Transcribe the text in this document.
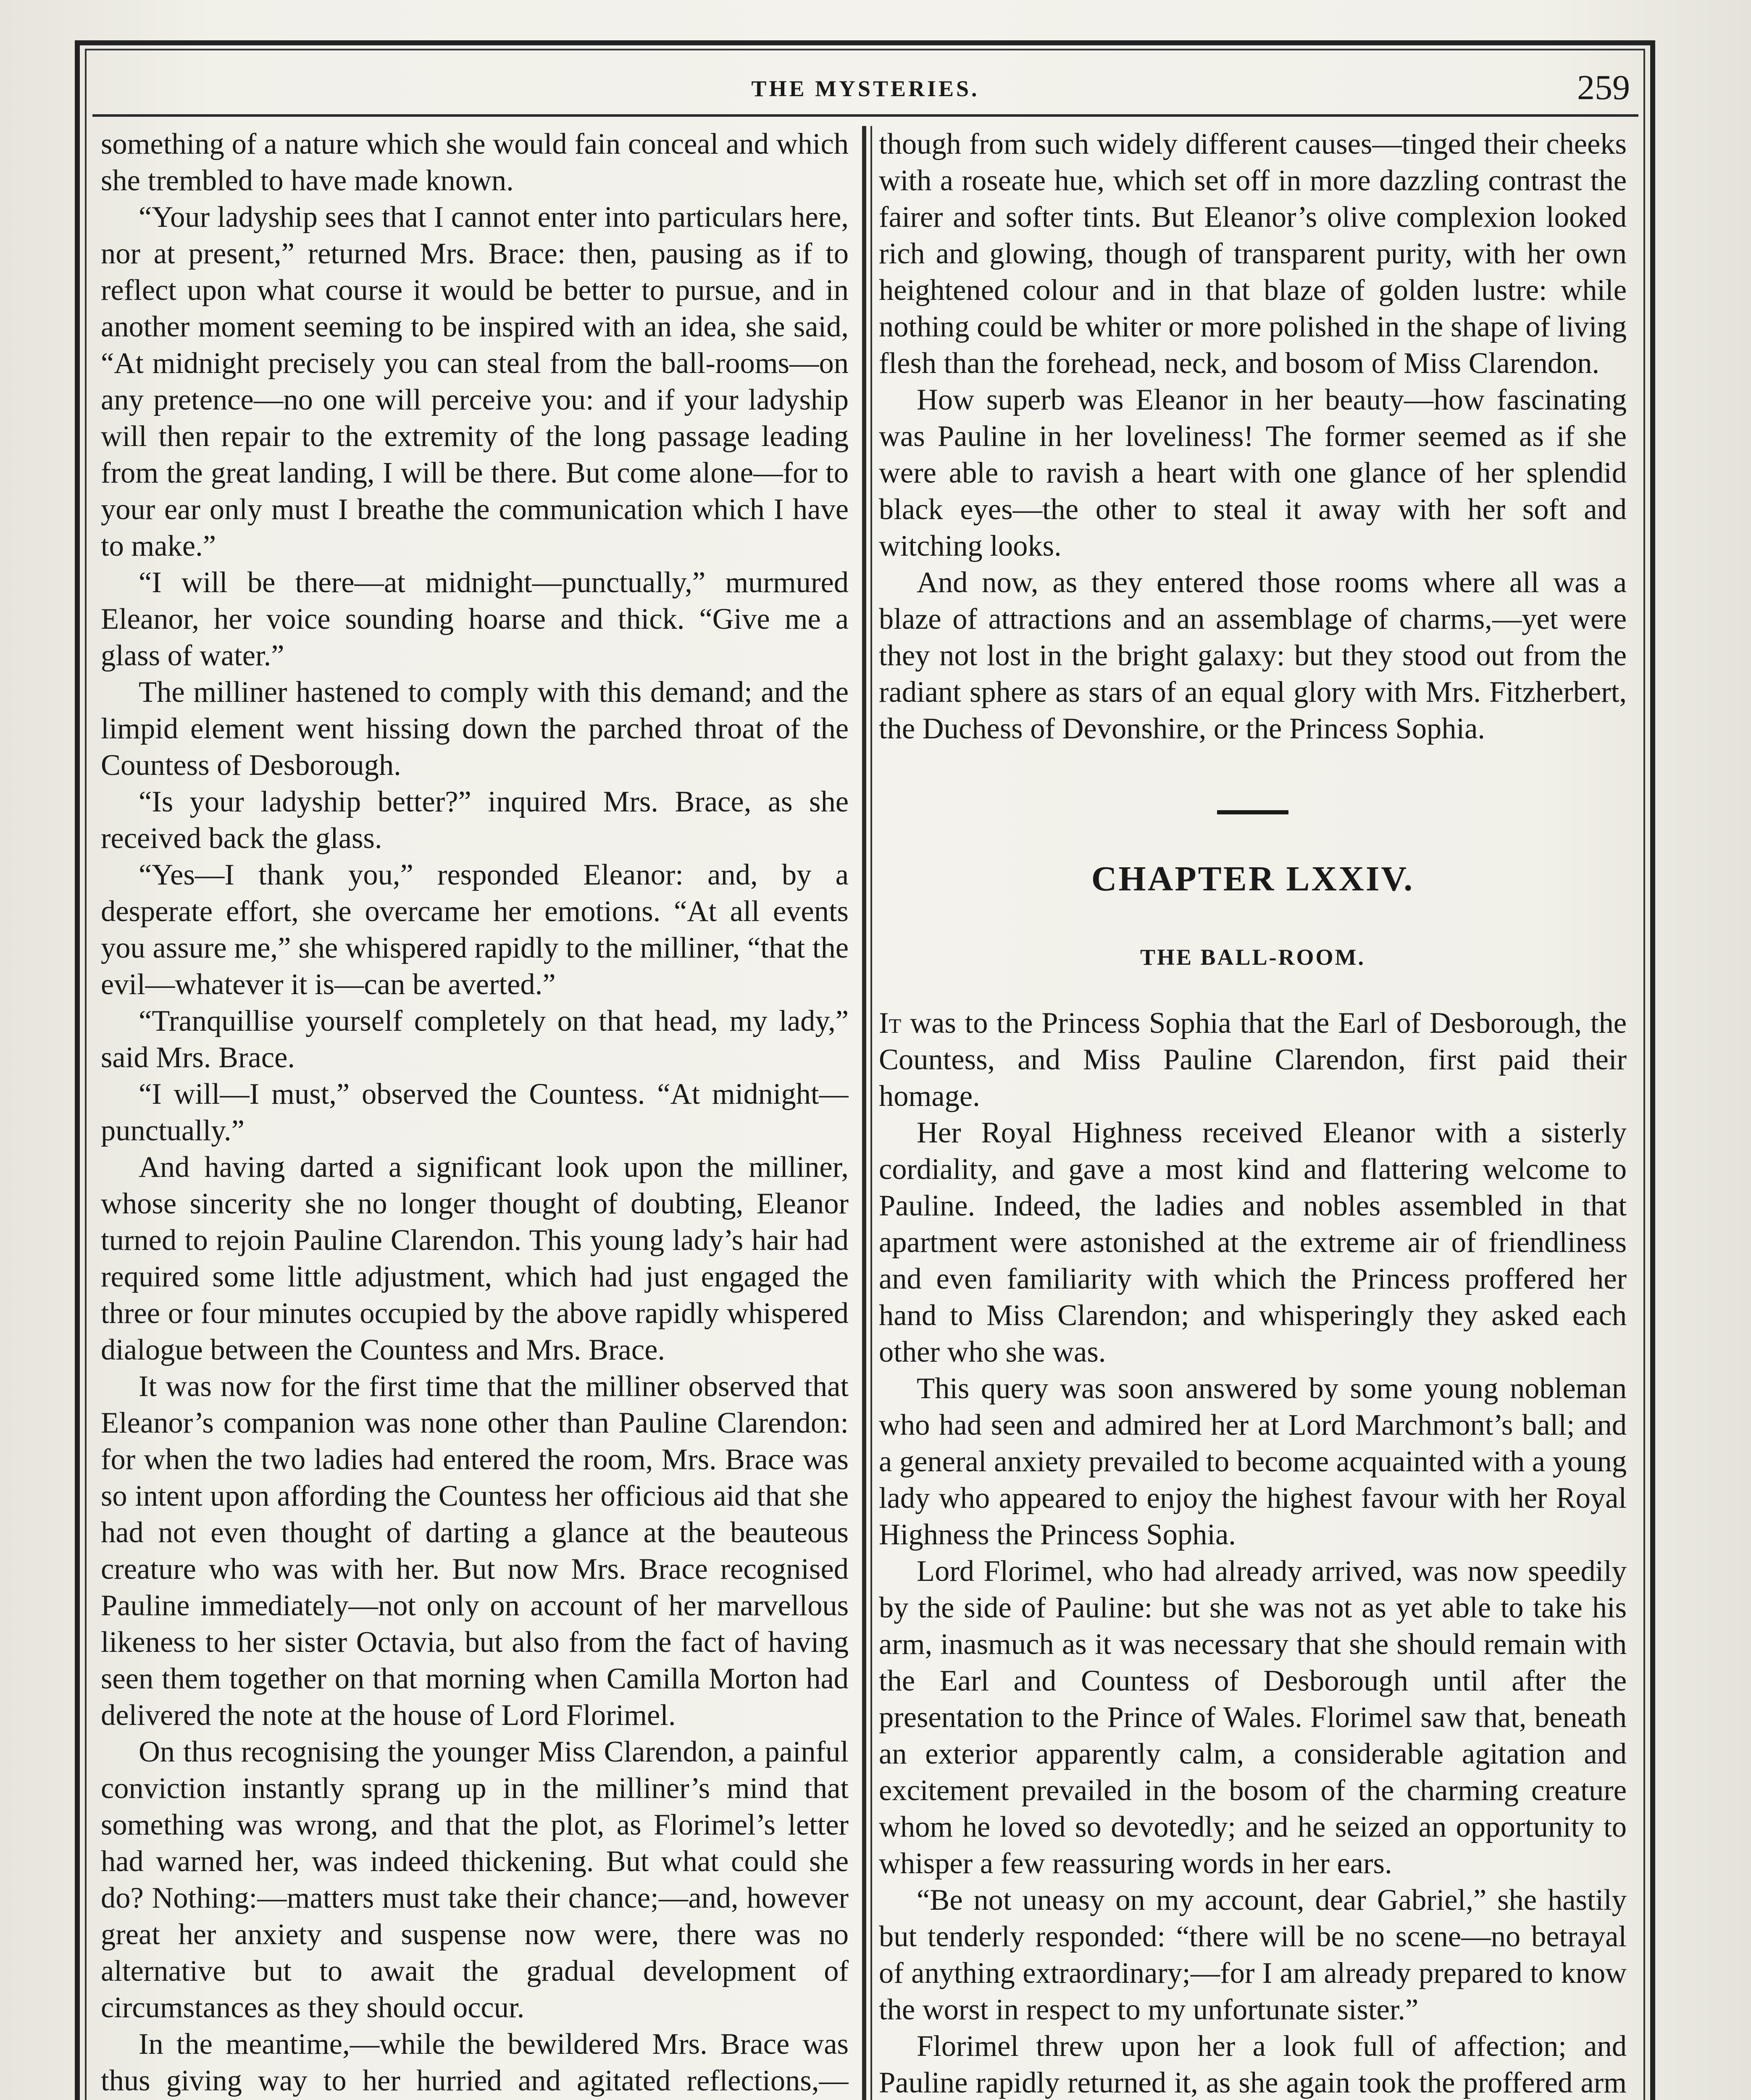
THE MYSTERIES.	259

something of a nature which she would fain conceal and which she trembled to have made known.

“Your ladyship sees that I cannot enter into particulars here, nor at present,” returned Mrs. Brace: then, pausing as if to reflect upon what course it would be better to pursue, and in another moment seeming to be inspired with an idea, she said, “At midnight precisely you can steal from the ball-rooms—on any pretence—no one will perceive you: and if your ladyship will then repair to the extremity of the long passage leading from the great landing, I will be there. But come alone—for to your ear only must I breathe the communication which I have to make.”

“I will be there—at midnight—punctually,” murmured Eleanor, her voice sounding hoarse and thick. “Give me a glass of water.”

The milliner hastened to comply with this demand; and the limpid element went hissing down the parched throat of the Countess of Desborough.

“Is your ladyship better?” inquired Mrs. Brace, as she received back the glass.

“Yes—I thank you,” responded Eleanor: and, by a desperate effort, she overcame her emotions. “At all events you assure me,” she whispered rapidly to the milliner, “that the evil—whatever it is—can be averted.”

“Tranquillise yourself completely on that head, my lady,” said Mrs. Brace.

“I will—I must,” observed the Countess. “At midnight—punctually.”

And having darted a significant look upon the milliner, whose sincerity she no longer thought of doubting, Eleanor turned to rejoin Pauline Clarendon. This young lady’s hair had required some little adjustment, which had just engaged the three or four minutes occupied by the above rapidly whispered dialogue between the Countess and Mrs. Brace.

It was now for the first time that the milliner observed that Eleanor’s companion was none other than Pauline Clarendon: for when the two ladies had entered the room, Mrs. Brace was so intent upon affording the Countess her officious aid that she had not even thought of darting a glance at the beauteous creature who was with her. But now Mrs. Brace recognised Pauline immediately—not only on account of her marvellous likeness to her sister Octavia, but also from the fact of having seen them together on that morning when Camilla Morton had delivered the note at the house of Lord Florimel.

On thus recognising the younger Miss Clarendon, a painful conviction instantly sprang up in the milliner’s mind that something was wrong, and that the plot, as Florimel’s letter had warned her, was indeed thickening. But what could she do? Nothing:—matters must take their chance;—and, however great her anxiety and suspense now were, there was no alternative but to await the gradual development of circumstances as they should occur.

In the meantime,—while the bewildered Mrs. Brace was thus giving way to her hurried and agitated reflections,—

though from such widely different causes—tinged their cheeks with a roseate hue, which set off in more dazzling contrast the fairer and softer tints. But Eleanor’s olive complexion looked rich and glowing, though of transparent purity, with her own heightened colour and in that blaze of golden lustre: while nothing could be whiter or more polished in the shape of living flesh than the forehead, neck, and bosom of Miss Clarendon.

How superb was Eleanor in her beauty—how fascinating was Pauline in her loveliness! The former seemed as if she were able to ravish a heart with one glance of her splendid black eyes—the other to steal it away with her soft and witching looks.

And now, as they entered those rooms where all was a blaze of attractions and an assemblage of charms,—yet were they not lost in the bright galaxy: but they stood out from the radiant sphere as stars of an equal glory with Mrs. Fitzherbert, the Duchess of Devonshire, or the Princess Sophia.

CHAPTER LXXIV.
THE BALL-ROOM.

It was to the Princess Sophia that the Earl of Desborough, the Countess, and Miss Pauline Clarendon, first paid their homage.

Her Royal Highness received Eleanor with a sisterly cordiality, and gave a most kind and flattering welcome to Pauline. Indeed, the ladies and nobles assembled in that apartment were astonished at the extreme air of friendliness and even familiarity with which the Princess proffered her hand to Miss Clarendon; and whisperingly they asked each other who she was.

This query was soon answered by some young nobleman who had seen and admired her at Lord Marchmont’s ball; and a general anxiety prevailed to become acquainted with a young lady who appeared to enjoy the highest favour with her Royal Highness the Princess Sophia.

Lord Florimel, who had already arrived, was now speedily by the side of Pauline: but she was not as yet able to take his arm, inasmuch as it was necessary that she should remain with the Earl and Countess of Desborough until after the presentation to the Prince of Wales. Florimel saw that, beneath an exterior apparently calm, a considerable agitation and excitement prevailed in the bosom of the charming creature whom he loved so devotedly; and he seized an opportunity to whisper a few reassuring words in her ears.

“Be not uneasy on my account, dear Gabriel,” she hastily but tenderly responded: “there will be no scene—no betrayal of anything extraordinary;—for I am already prepared to know the worst in respect to my unfortunate sister.”

Florimel threw upon her a look full of affection; and Pauline rapidly returned it, as she again took the proffered arm
